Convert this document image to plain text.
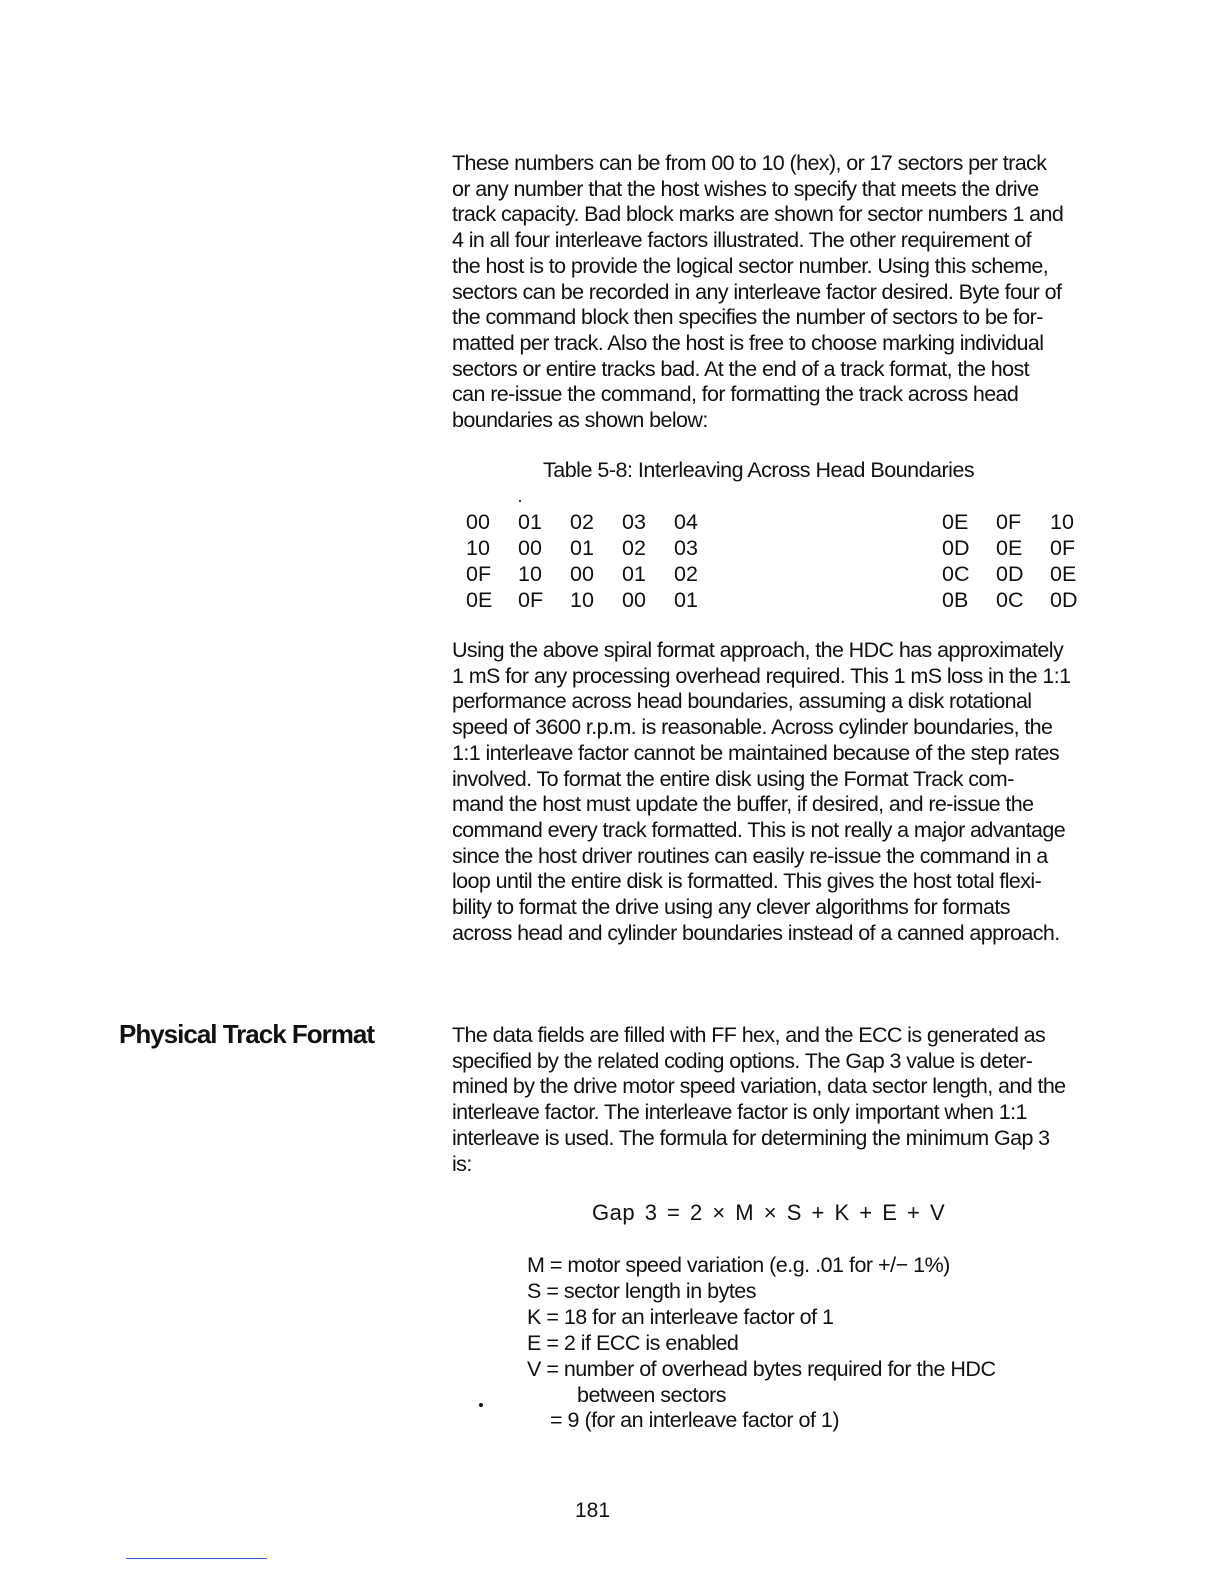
These numbers can be from 00 to 10 (hex), or 17 sectors per track
or any number that the host wishes to specify that meets the drive
track capacity. Bad block marks are shown for sector numbers 1 and
4 in all four interleave factors illustrated. The other requirement of
the host is to provide the logical sector number. Using this scheme,
sectors can be recorded in any interleave factor desired. Byte four of
the command block then specifies the number of sectors to be for-
matted per track. Also the host is free to choose marking individual
sectors or entire tracks bad. At the end of a track format, the host
can re-issue the command, for formatting the track across head
boundaries as shown below:
Table 5-8: Interleaving Across Head Boundaries
00 01 02 03 04	0E 0F 10
10 00 01 02 03	0D 0E 0F
0F 10 00 01 02	0C 0D 0E
0E 0F 10 00 01	0B 0C 0D
Using the above spiral format approach, the HDC has approximately
1 mS for any processing overhead required. This 1 mS loss in the 1:1
performance across head boundaries, assuming a disk rotational
speed of 3600 r.p.m. is reasonable. Across cylinder boundaries, the
1:1 interleave factor cannot be maintained because of the step rates
involved. To format the entire disk using the Format Track com-
mand the host must update the buffer, if desired, and re-issue the
command every track formatted. This is not really a major advantage
since the host driver routines can easily re-issue the command in a
loop until the entire disk is formatted. This gives the host total flexi-
bility to format the drive using any clever algorithms for formats
across head and cylinder boundaries instead of a canned approach.
Physical Track Format	The data fields are filled with FF hex, and the ECC is generated as
specified by the related coding options. The Gap 3 value is deter-
mined by the drive motor speed variation, data sector length, and the
interleave factor. The interleave factor is only important when 1:1
interleave is used. The formula for determining the minimum Gap 3
is:
Gap 3 = 2 × M × S + K + E + V
M = motor speed variation (e.g. .01 for +/− 1%)
S = sector length in bytes
K = 18 for an interleave factor of 1
E = 2 if ECC is enabled
V = number of overhead bytes required for the HDC
between sectors
= 9 (for an interleave factor of 1)
181
